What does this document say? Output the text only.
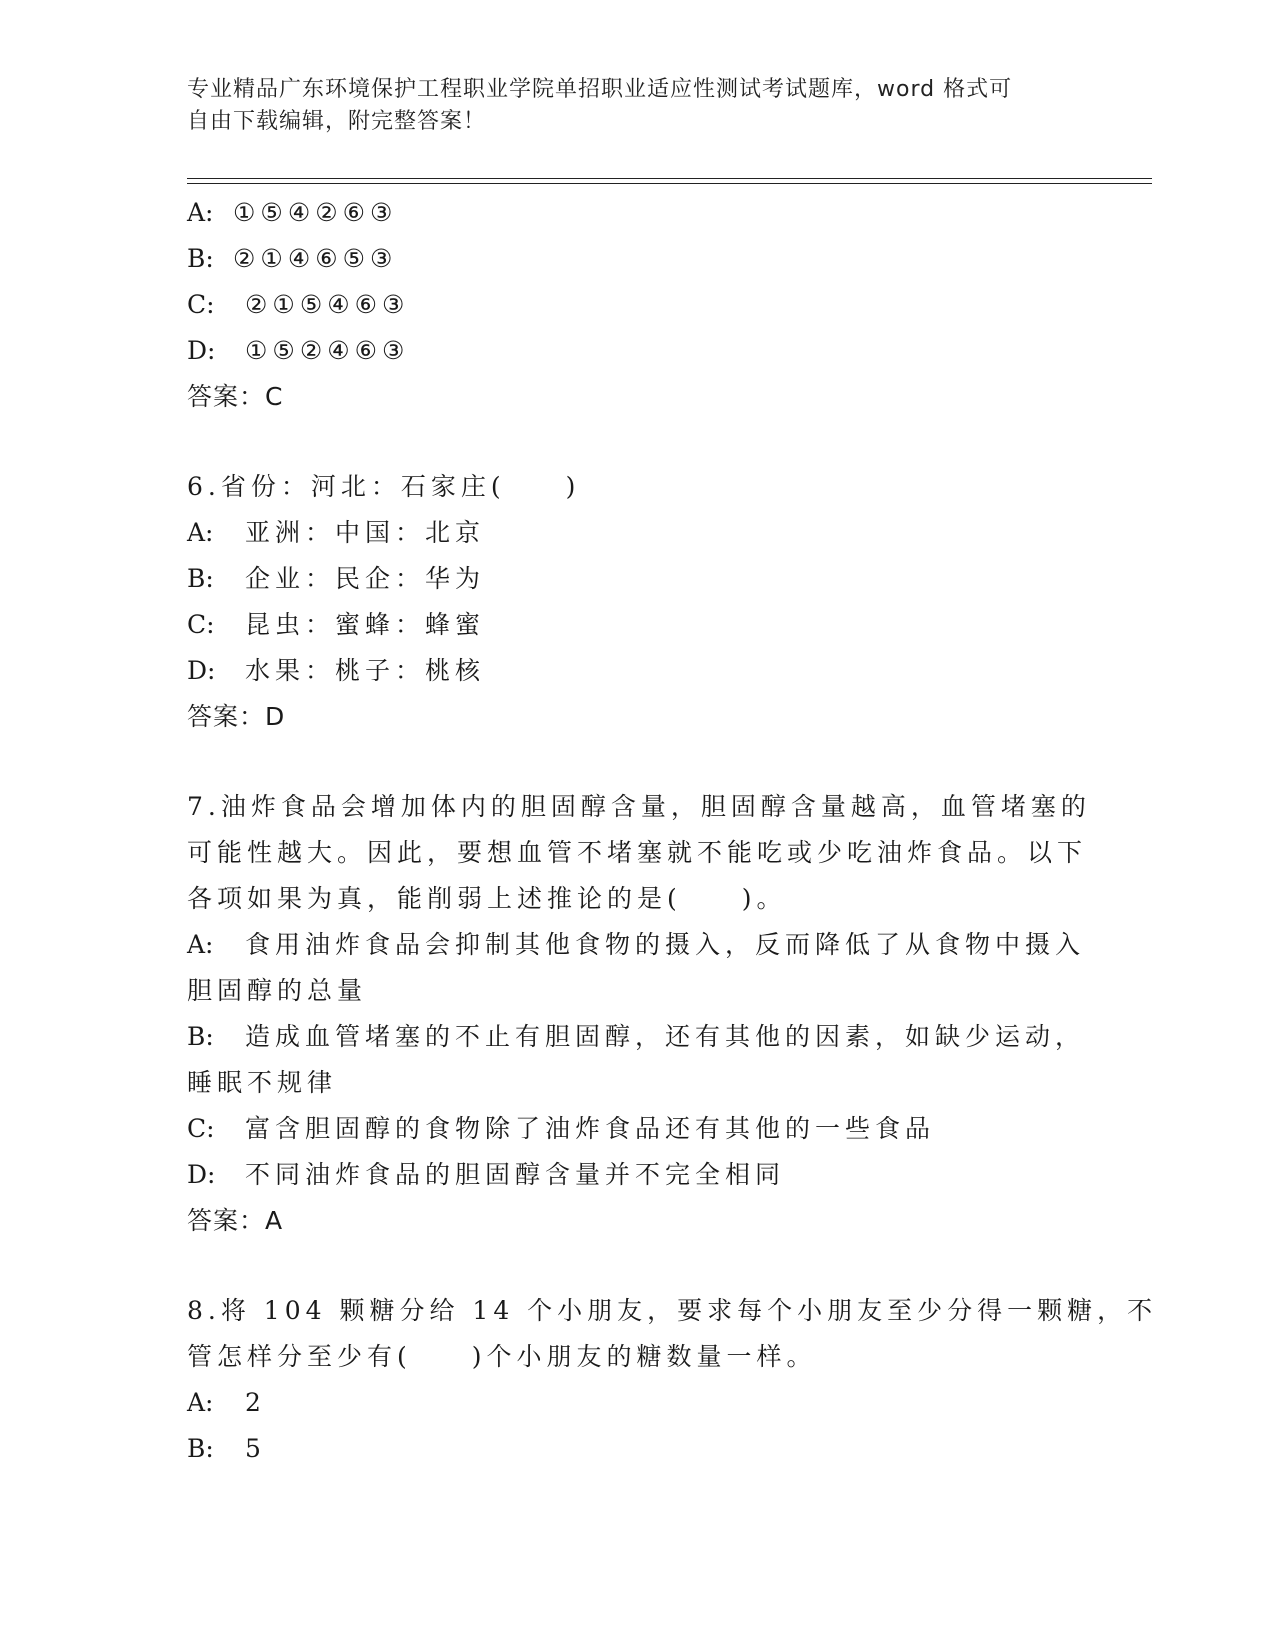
专业精品广东环境保护工程职业学院单招职业适应性测试考试题库，word 格式可
自由下载编辑，附完整答案！
A: ①⑤④②⑥③
B: ②①④⑥⑤③
C: ②①⑤④⑥③
D: ①⑤②④⑥③
答案：C
6.省份：河北：石家庄(　　)
A: 亚洲：中国：北京
B: 企业：民企：华为
C: 昆虫：蜜蜂：蜂蜜
D: 水果：桃子：桃核
答案：D
7.油炸食品会增加体内的胆固醇含量，胆固醇含量越高，血管堵塞的
可能性越大。因此，要想血管不堵塞就不能吃或少吃油炸食品。以下
各项如果为真，能削弱上述推论的是(　　)。
A: 食用油炸食品会抑制其他食物的摄入，反而降低了从食物中摄入
胆固醇的总量
B: 造成血管堵塞的不止有胆固醇，还有其他的因素，如缺少运动，
睡眠不规律
C: 富含胆固醇的食物除了油炸食品还有其他的一些食品
D: 不同油炸食品的胆固醇含量并不完全相同
答案：A
8.将 104 颗糖分给 14 个小朋友，要求每个小朋友至少分得一颗糖，不
管怎样分至少有(　　)个小朋友的糖数量一样。
A: 2
B: 5
